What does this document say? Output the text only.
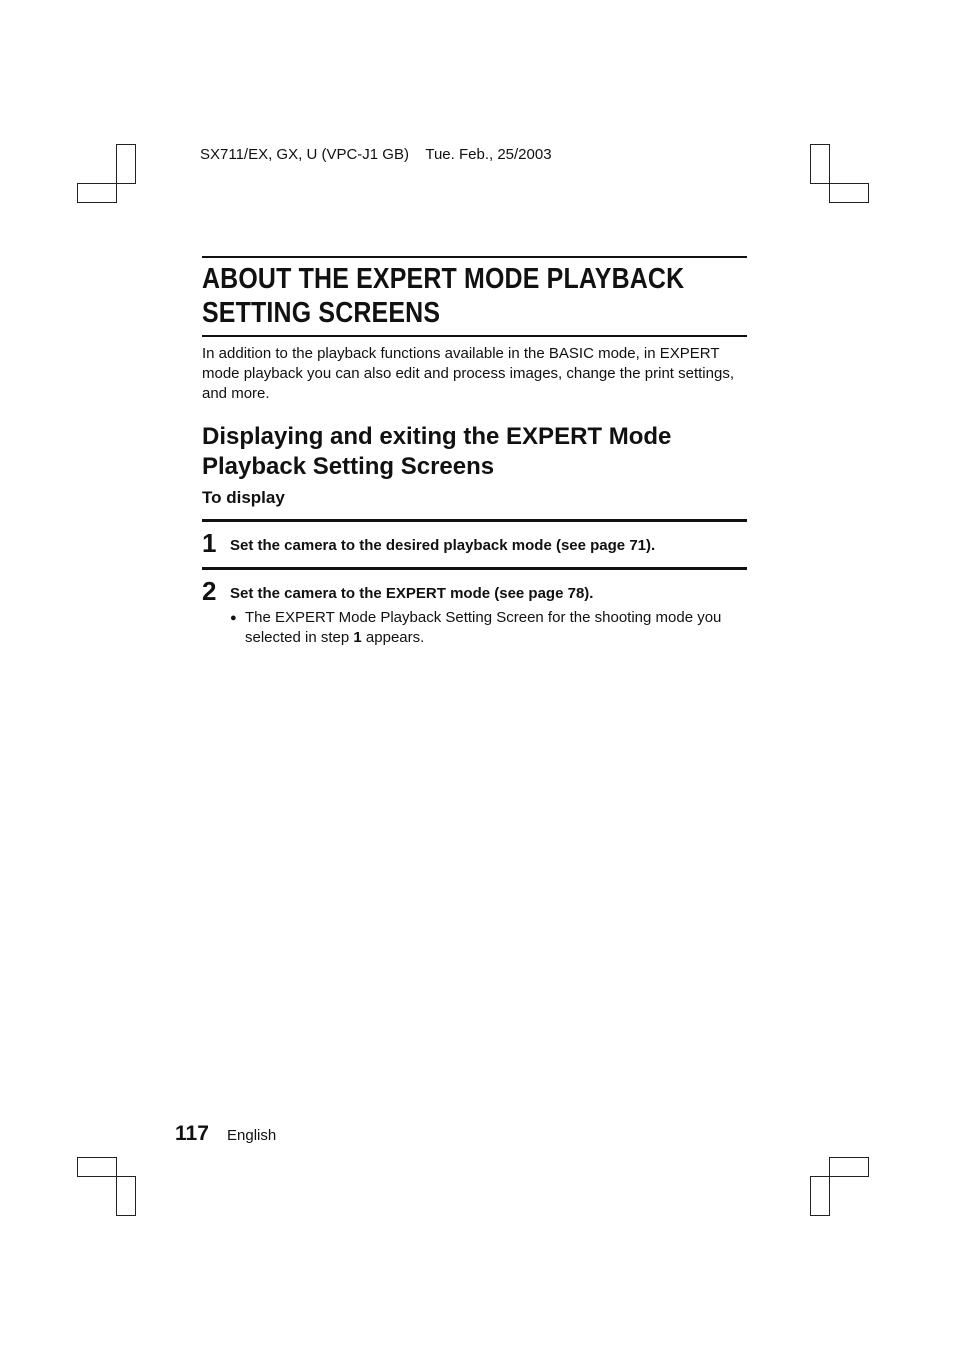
SX711/EX, GX, U (VPC-J1 GB) Tue. Feb., 25/2003
ABOUT THE EXPERT MODE PLAYBACK
SETTING SCREENS

In addition to the playback functions available in the BASIC mode, in EXPERT mode playback you can also edit and process images, change the print settings, and more.

Displaying and exiting the EXPERT Mode
Playback Setting Screens

To display

1 Set the camera to the desired playback mode (see page 71).
2 Set the camera to the EXPERT mode (see page 78).
● The EXPERT Mode Playback Setting Screen for the shooting mode you selected in step 1 appears.
117 English
